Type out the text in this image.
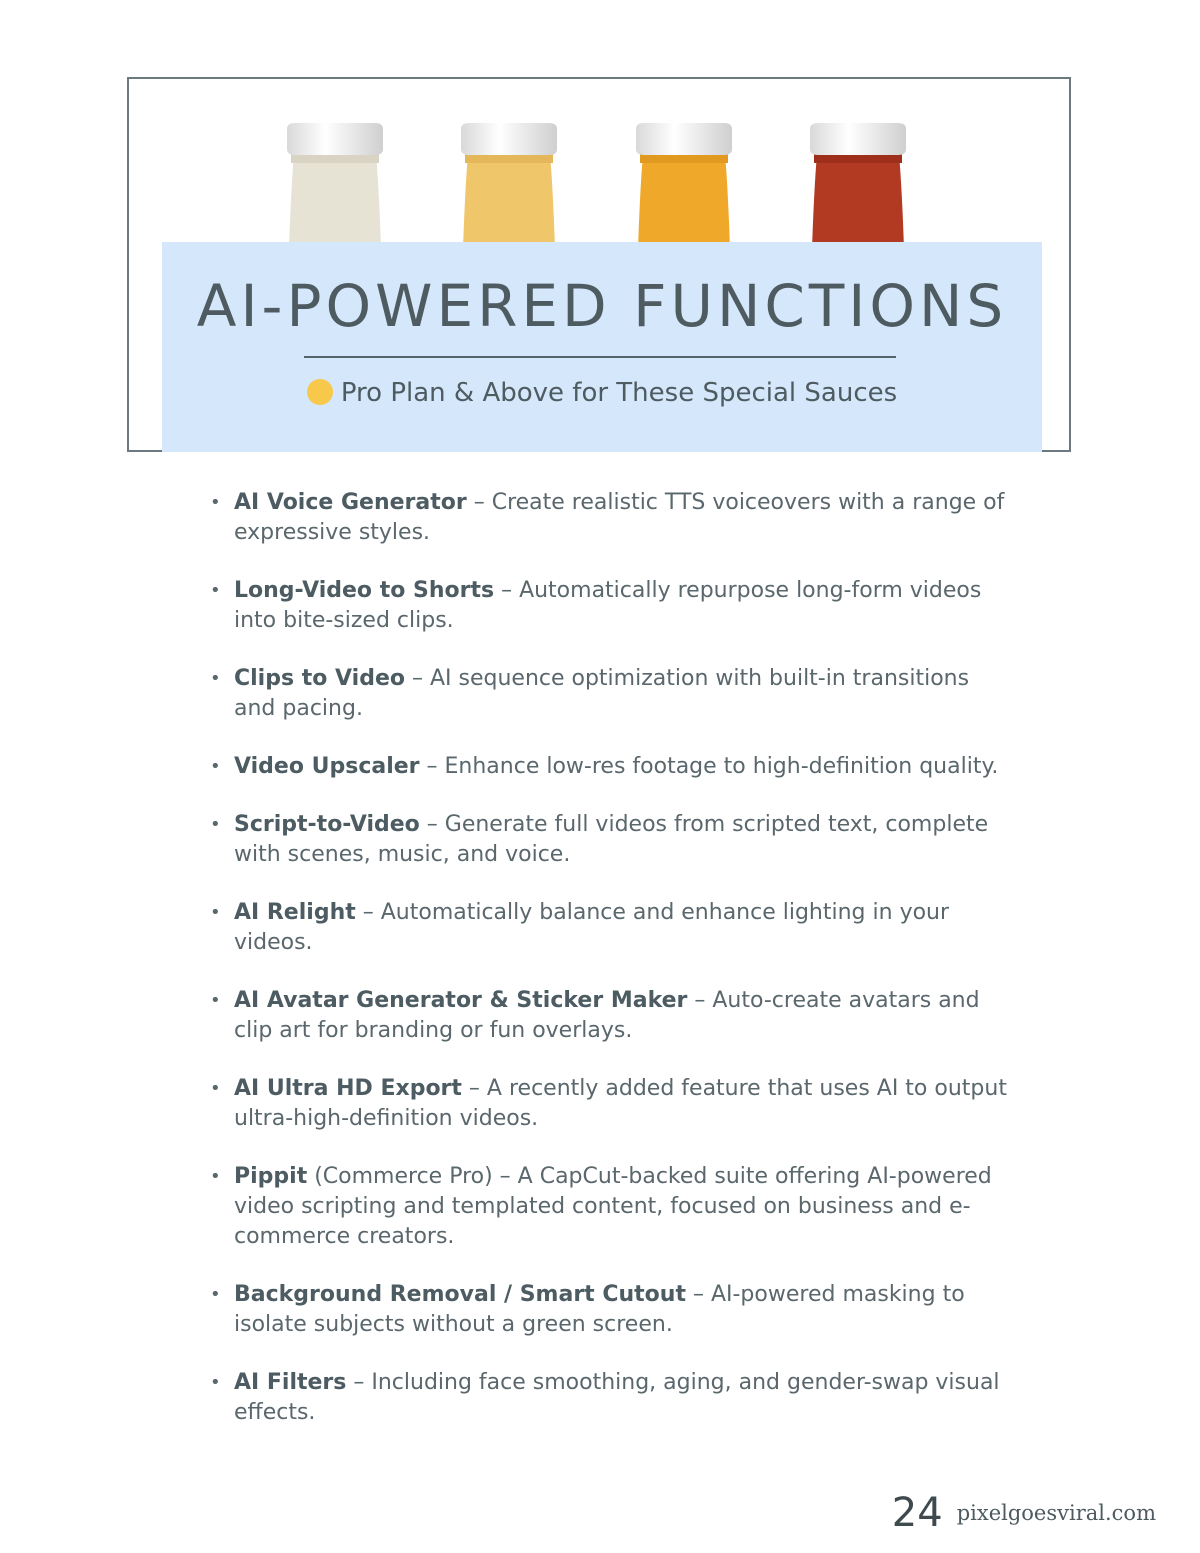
AI-POWERED FUNCTIONS
Pro Plan & Above for These Special Sauces
• AI Voice Generator – Create realistic TTS voiceovers with a range of expressive styles.
• Long-Video to Shorts – Automatically repurpose long-form videos into bite-sized clips.
• Clips to Video – AI sequence optimization with built-in transitions and pacing.
• Video Upscaler – Enhance low-res footage to high-definition quality.
• Script-to-Video – Generate full videos from scripted text, complete with scenes, music, and voice.
• AI Relight – Automatically balance and enhance lighting in your videos.
• AI Avatar Generator & Sticker Maker – Auto-create avatars and clip art for branding or fun overlays.
• AI Ultra HD Export – A recently added feature that uses AI to output ultra-high-definition videos.
• Pippit (Commerce Pro) – A CapCut-backed suite offering AI-powered video scripting and templated content, focused on business and e-commerce creators.
• Background Removal / Smart Cutout – AI-powered masking to isolate subjects without a green screen.
• AI Filters – Including face smoothing, aging, and gender-swap visual effects.
24 pixelgoesviral.com
